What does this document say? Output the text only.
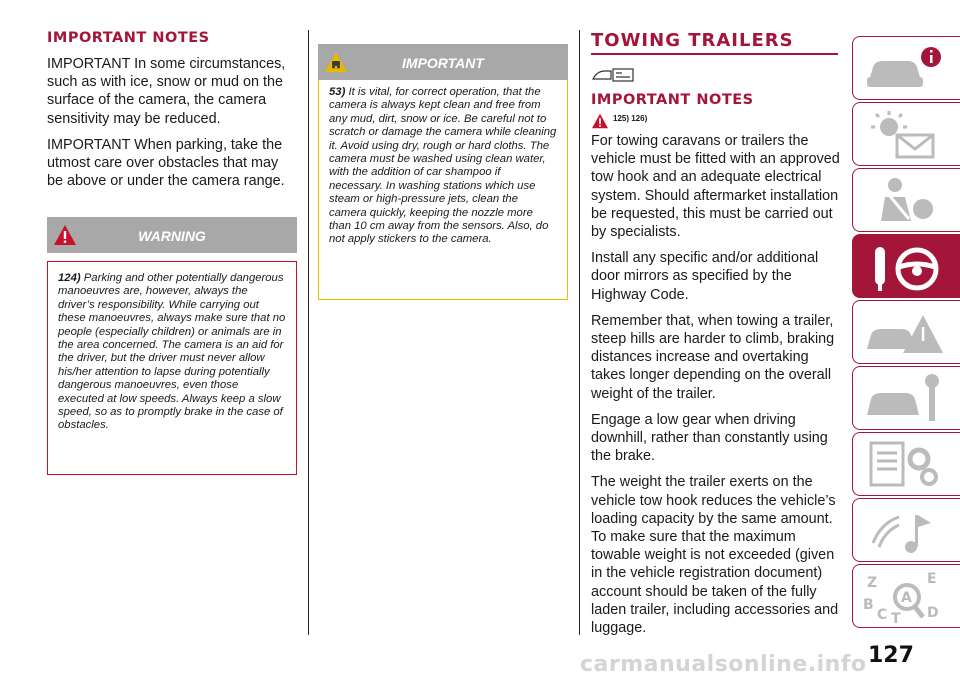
IMPORTANT NOTES

IMPORTANT In some circumstances, such as with ice, snow or mud on the surface of the camera, the camera sensitivity may be reduced.

IMPORTANT When parking, take the utmost care over obstacles that may be above or under the camera range.

WARNING
124) Parking and other potentially dangerous manoeuvres are, however, always the driver’s responsibility. While carrying out these manoeuvres, always make sure that no people (especially children) or animals are in the area concerned. The camera is an aid for the driver, but the driver must never allow his/her attention to lapse during potentially dangerous manoeuvres, even those executed at low speeds. Always keep a slow speed, so as to promptly brake in the case of obstacles.
IMPORTANT
53) It is vital, for correct operation, that the camera is always kept clean and free from any mud, dirt, snow or ice. Be careful not to scratch or damage the camera while cleaning it. Avoid using dry, rough or hard cloths. The camera must be washed using clean water, with the addition of car shampoo if necessary. In washing stations which use steam or high-pressure jets, clean the camera quickly, keeping the nozzle more than 10 cm away from the sensors. Also, do not apply stickers to the camera.
TOWING TRAILERS
IMPORTANT NOTES
125) 126)

For towing caravans or trailers the vehicle must be fitted with an approved tow hook and an adequate electrical system. Should aftermarket installation be requested, this must be carried out by specialists.

Install any specific and/or additional door mirrors as specified by the Highway Code.

Remember that, when towing a trailer, steep hills are harder to climb, braking distances increase and overtaking takes longer depending on the overall weight of the trailer.

Engage a low gear when driving downhill, rather than constantly using the brake.

The weight the trailer exerts on the vehicle tow hook reduces the vehicle’s loading capacity by the same amount. To make sure that the maximum towable weight is not exceeded (given in the vehicle registration document) account should be taken of the fully laden trailer, including accessories and luggage.

Z	E
B
C T D
A
127
carmanualsonline.info
